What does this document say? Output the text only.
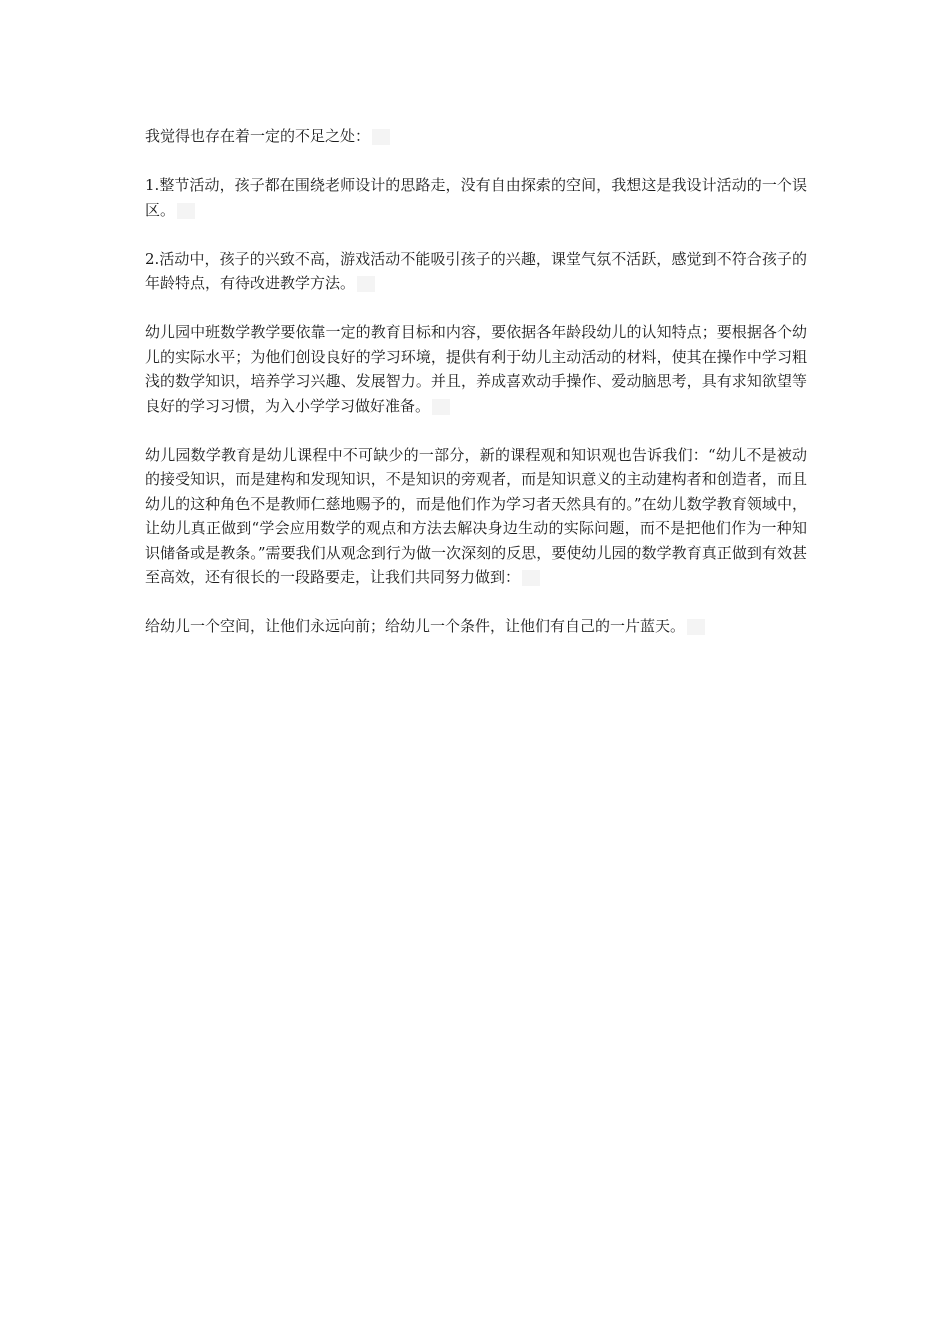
我觉得也存在着一定的不足之处：

1.整节活动，孩子都在围绕老师设计的思路走，没有自由探索的空间，我想这是我设计活动的一个误区。

2.活动中，孩子的兴致不高，游戏活动不能吸引孩子的兴趣，课堂气氛不活跃，感觉到不符合孩子的年龄特点，有待改进教学方法。

幼儿园中班数学教学要依靠一定的教育目标和内容，要依据各年龄段幼儿的认知特点；要根据各个幼儿的实际水平；为他们创设良好的学习环境，提供有利于幼儿主动活动的材料，使其在操作中学习粗浅的数学知识，培养学习兴趣、发展智力。并且，养成喜欢动手操作、爱动脑思考，具有求知欲望等良好的学习习惯，为入小学学习做好准备。

幼儿园数学教育是幼儿课程中不可缺少的一部分，新的课程观和知识观也告诉我们：“幼儿不是被动的接受知识，而是建构和发现知识，不是知识的旁观者，而是知识意义的主动建构者和创造者，而且幼儿的这种角色不是教师仁慈地赐予的，而是他们作为学习者天然具有的。”在幼儿数学教育领域中，让幼儿真正做到“学会应用数学的观点和方法去解决身边生动的实际问题，而不是把他们作为一种知识储备或是教条。”需要我们从观念到行为做一次深刻的反思，要使幼儿园的数学教育真正做到有效甚至高效，还有很长的一段路要走，让我们共同努力做到：

给幼儿一个空间，让他们永远向前；给幼儿一个条件，让他们有自己的一片蓝天。
